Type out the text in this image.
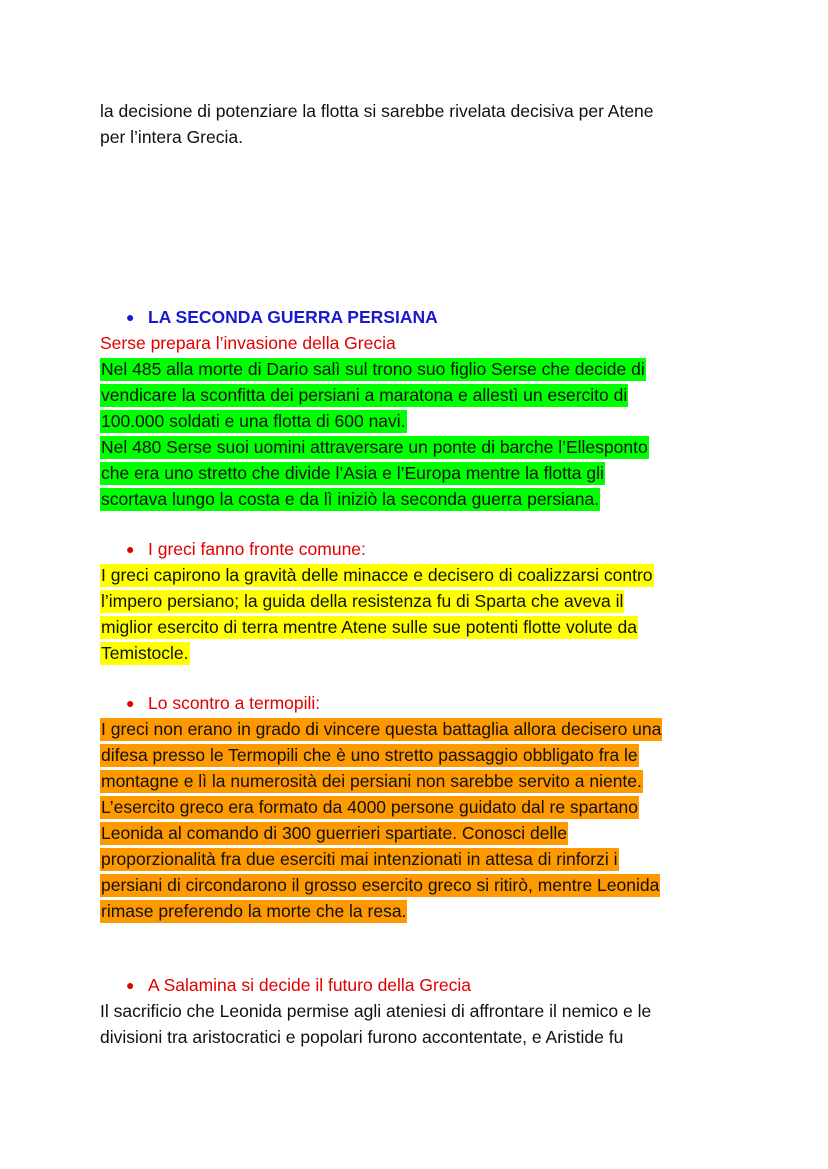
la decisione di potenziare la flotta si sarebbe rivelata decisiva per Atene
per l’intera Grecia.
● LA SECONDA GUERRA PERSIANA
Serse prepara l’invasione della Grecia
Nel 485 alla morte di Dario salì sul trono suo figlio Serse che decide di
vendicare la sconfitta dei persiani a maratona e allestì un esercito di
100.000 soldati e una flotta di 600 navi.
Nel 480 Serse suoi uomini attraversare un ponte di barche l’Ellesponto
che era uno stretto che divide l’Asia e l’Europa mentre la flotta gli
scortava lungo la costa e da lì iniziò la seconda guerra persiana.
● I greci fanno fronte comune:
I greci capirono la gravità delle minacce e decisero di coalizzarsi contro
l’impero persiano; la guida della resistenza fu di Sparta che aveva il
miglior esercito di terra mentre Atene sulle sue potenti flotte volute da
Temistocle.
● Lo scontro a termopili:
I greci non erano in grado di vincere questa battaglia allora decisero una
difesa presso le Termopili che è uno stretto passaggio obbligato fra le
montagne e lì la numerosità dei persiani non sarebbe servito a niente.
L’esercito greco era formato da 4000 persone guidato dal re spartano
Leonida al comando di 300 guerrieri spartiate. Conosci delle
proporzionalità fra due eserciti mai intenzionati in attesa di rinforzi i
persiani di circondarono il grosso esercito greco si ritirò, mentre Leonida
rimase preferendo la morte che la resa.
● A Salamina si decide il futuro della Grecia
Il sacrificio che Leonida permise agli ateniesi di affrontare il nemico e le
divisioni tra aristocratici e popolari furono accontentate, e Aristide fu
